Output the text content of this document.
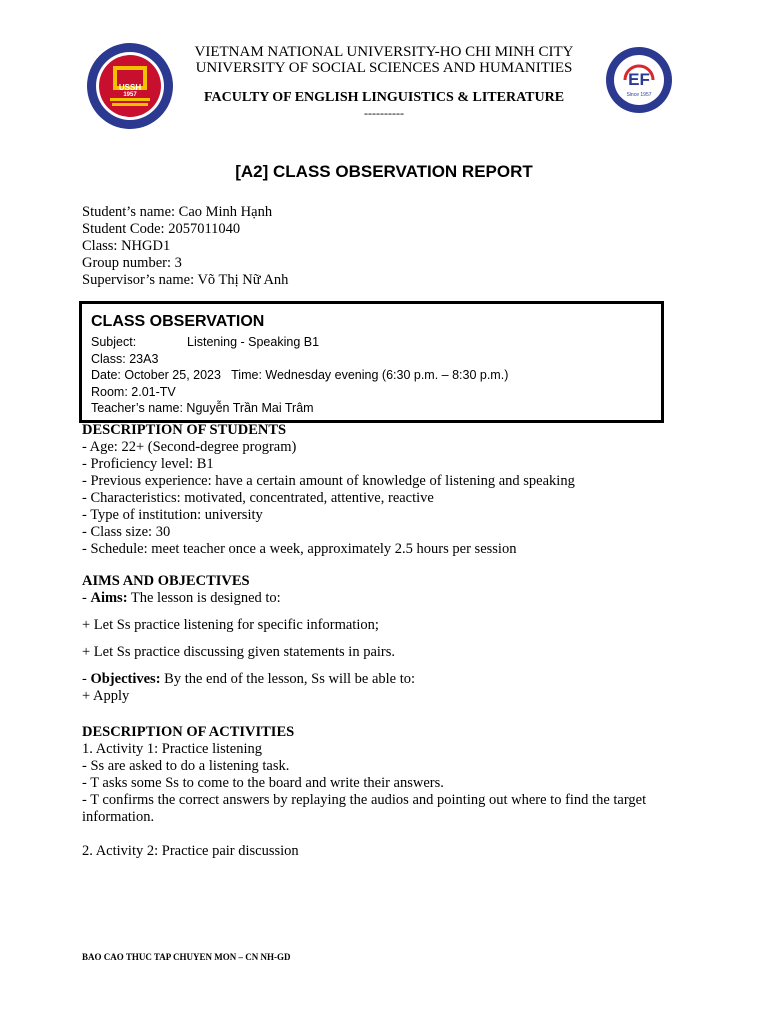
USSH
1957
EF
Since 1957
VIETNAM NATIONAL UNIVERSITY-HO CHI MINH CITY
UNIVERSITY OF SOCIAL SCIENCES AND HUMANITIES
FACULTY OF ENGLISH LINGUISTICS & LITERATURE
----------
[A2] CLASS OBSERVATION REPORT
Student’s name: Cao Minh Hạnh
Student Code: 2057011040
Class: NHGD1
Group number: 3
Supervisor’s name: Võ Thị Nữ Anh
CLASS OBSERVATION
Subject:	Listening - Speaking B1
Class: 23A3
Date: October 25, 2023   Time: Wednesday evening (6:30 p.m. – 8:30 p.m.)
Room: 2.01-TV
Teacher’s name: Nguyễn Trần Mai Trâm
DESCRIPTION OF STUDENTS
- Age: 22+ (Second-degree program)
- Proficiency level: B1
- Previous experience: have a certain amount of knowledge of listening and speaking
- Characteristics: motivated, concentrated, attentive, reactive
- Type of institution: university
- Class size: 30
- Schedule: meet teacher once a week, approximately 2.5 hours per session
AIMS AND OBJECTIVES
- Aims: The lesson is designed to:
+ Let Ss practice listening for specific information;
+ Let Ss practice discussing given statements in pairs.
- Objectives: By the end of the lesson, Ss will be able to:
+ Apply
DESCRIPTION OF ACTIVITIES
1. Activity 1: Practice listening
- Ss are asked to do a listening task.
- T asks some Ss to come to the board and write their answers.
- T confirms the correct answers by replaying the audios and pointing out where to find the target information.
2. Activity 2: Practice pair discussion
BAO CAO THUC TAP CHUYEN MON – CN NH-GD
